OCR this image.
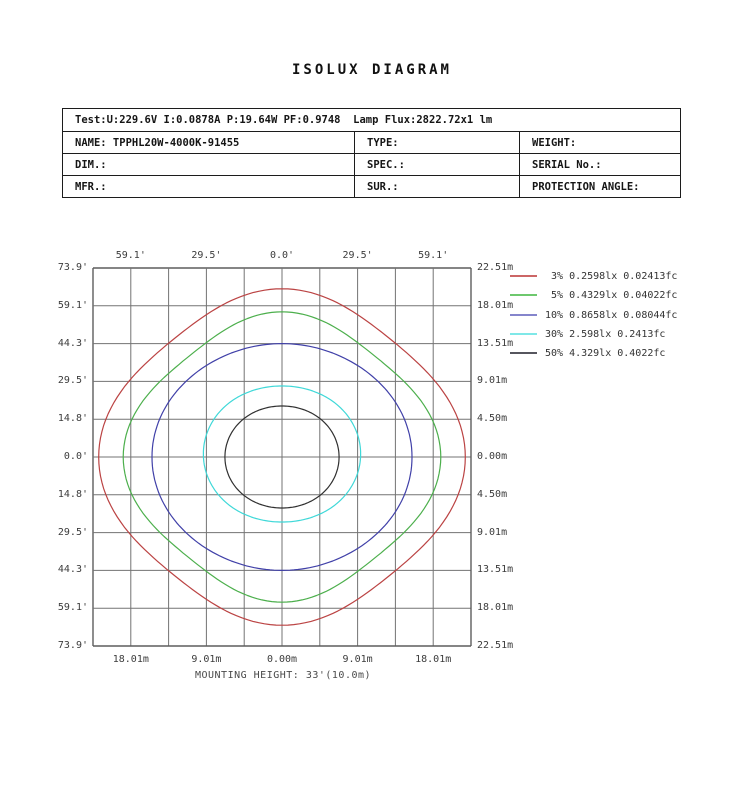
ISOLUX DIAGRAM
Test:U:229.6V I:0.0878A P:19.64W PF:0.9748  Lamp Flux:2822.72x1 lm
NAME: TPPHL20W-4000K-91455	TYPE:	WEIGHT:
DIM.:	SPEC.:	SERIAL No.:
MFR.:	SUR.:	PROTECTION ANGLE:
MOUNTING HEIGHT: 33'(10.0m)
73.9'
59.1'
44.3'
29.5'
14.8'
0.0'
14.8'
29.5'
44.3'
59.1'
73.9'
22.51m
18.01m
13.51m
9.01m
4.50m
0.00m
4.50m
9.01m
13.51m
18.01m
22.51m
59.1'	29.5'	0.0'	29.5'	59.1'
18.01m	9.01m	0.00m	9.01m	18.01m
3% 0.2598lx 0.02413fc
5% 0.4329lx 0.04022fc
10% 0.8658lx 0.08044fc
30% 2.598lx 0.2413fc
50% 4.329lx 0.4022fc
